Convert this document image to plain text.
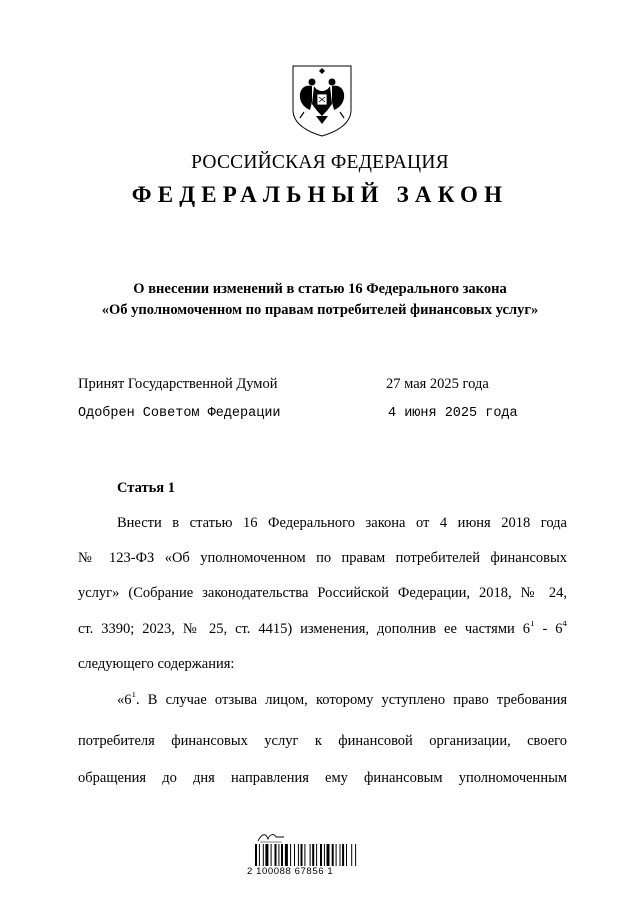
РОССИЙСКАЯ ФЕДЕРАЦИЯ
ФЕДЕРАЛЬНЫЙ ЗАКОН
О внесении изменений в статью 16 Федерального закона
«Об уполномоченном по правам потребителей финансовых услуг»
Принят Государственной Думой	27 мая 2025 года
Одобрен Советом Федерации	4 июня 2025 года
Статья 1
Внести в статью 16 Федерального закона от 4 июня 2018 года
№ 123-ФЗ «Об уполномоченном по правам потребителей финансовых
услуг» (Собрание законодательства Российской Федерации, 2018, № 24,
ст. 3390; 2023, № 25, ст. 4415) изменения, дополнив ее частями $6^1 - 6^4$
следующего содержания:
«$6^1$. В случае отзыва лицом, которому уступлено право требования
потребителя финансовых услуг к финансовой организации, своего
обращения до дня направления ему финансовым уполномоченным
2 100088 67856 1
